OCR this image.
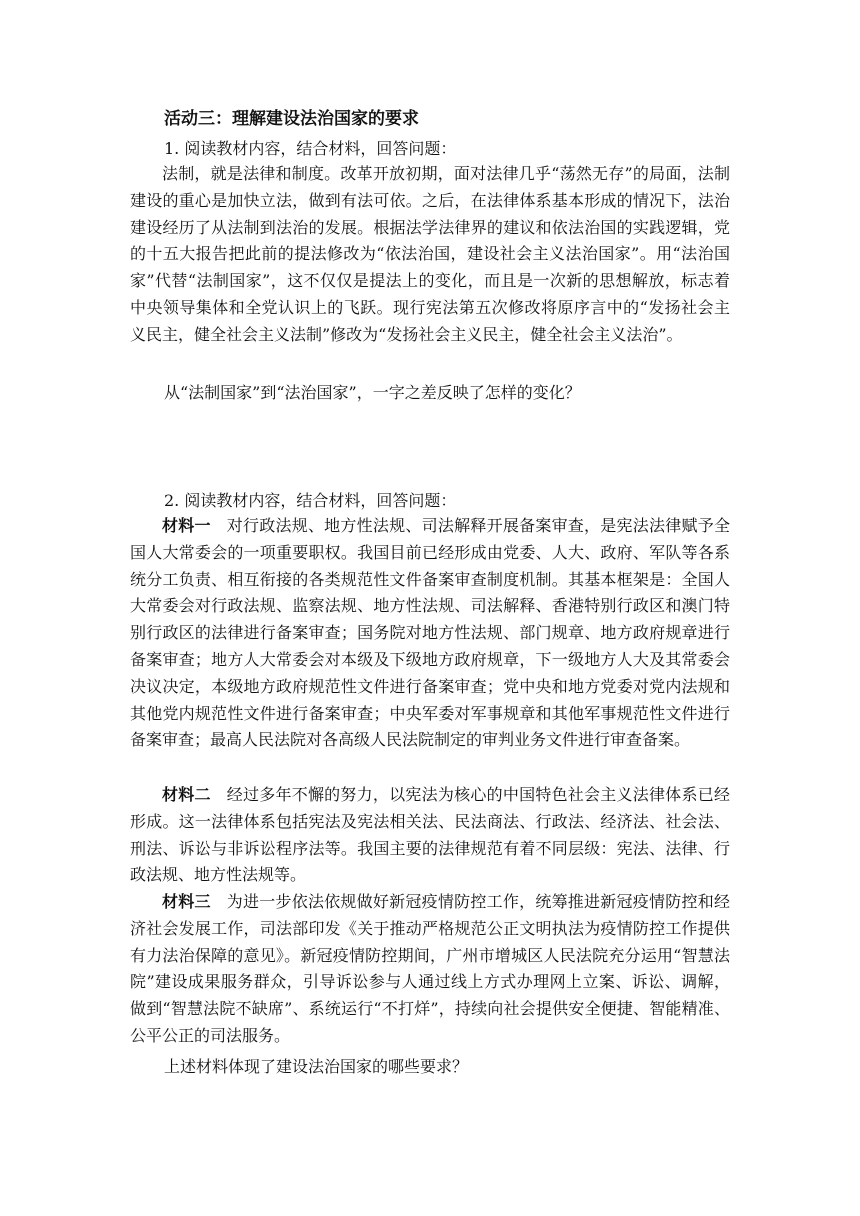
活动三：理解建设法治国家的要求

1. 阅读教材内容，结合材料，回答问题：

法制，就是法律和制度。改革开放初期，面对法律几乎“荡然无存”的局面，法制建设的重心是加快立法，做到有法可依。之后，在法律体系基本形成的情况下，法治建设经历了从法制到法治的发展。根据法学法律界的建议和依法治国的实践逻辑，党的十五大报告把此前的提法修改为“依法治国，建设社会主义法治国家”。用“法治国家”代替“法制国家”，这不仅仅是提法上的变化，而且是一次新的思想解放，标志着中央领导集体和全党认识上的飞跃。现行宪法第五次修改将原序言中的“发扬社会主义民主，健全社会主义法制”修改为“发扬社会主义民主，健全社会主义法治”。

从“法制国家”到“法治国家”，一字之差反映了怎样的变化？

2. 阅读教材内容，结合材料，回答问题：

材料一 对行政法规、地方性法规、司法解释开展备案审查，是宪法法律赋予全国人大常委会的一项重要职权。我国目前已经形成由党委、人大、政府、军队等各系统分工负责、相互衔接的各类规范性文件备案审查制度机制。其基本框架是：全国人大常委会对行政法规、监察法规、地方性法规、司法解释、香港特别行政区和澳门特别行政区的法律进行备案审查；国务院对地方性法规、部门规章、地方政府规章进行备案审查；地方人大常委会对本级及下级地方政府规章，下一级地方人大及其常委会决议决定，本级地方政府规范性文件进行备案审查；党中央和地方党委对党内法规和其他党内规范性文件进行备案审查；中央军委对军事规章和其他军事规范性文件进行备案审查；最高人民法院对各高级人民法院制定的审判业务文件进行审查备案。

材料二 经过多年不懈的努力，以宪法为核心的中国特色社会主义法律体系已经形成。这一法律体系包括宪法及宪法相关法、民法商法、行政法、经济法、社会法、刑法、诉讼与非诉讼程序法等。我国主要的法律规范有着不同层级：宪法、法律、行政法规、地方性法规等。

材料三 为进一步依法依规做好新冠疫情防控工作，统筹推进新冠疫情防控和经济社会发展工作，司法部印发《关于推动严格规范公正文明执法为疫情防控工作提供有力法治保障的意见》。新冠疫情防控期间，广州市增城区人民法院充分运用“智慧法院”建设成果服务群众，引导诉讼参与人通过线上方式办理网上立案、诉讼、调解，做到“智慧法院不缺席”、系统运行“不打烊”，持续向社会提供安全便捷、智能精准、公平公正的司法服务。

上述材料体现了建设法治国家的哪些要求？
